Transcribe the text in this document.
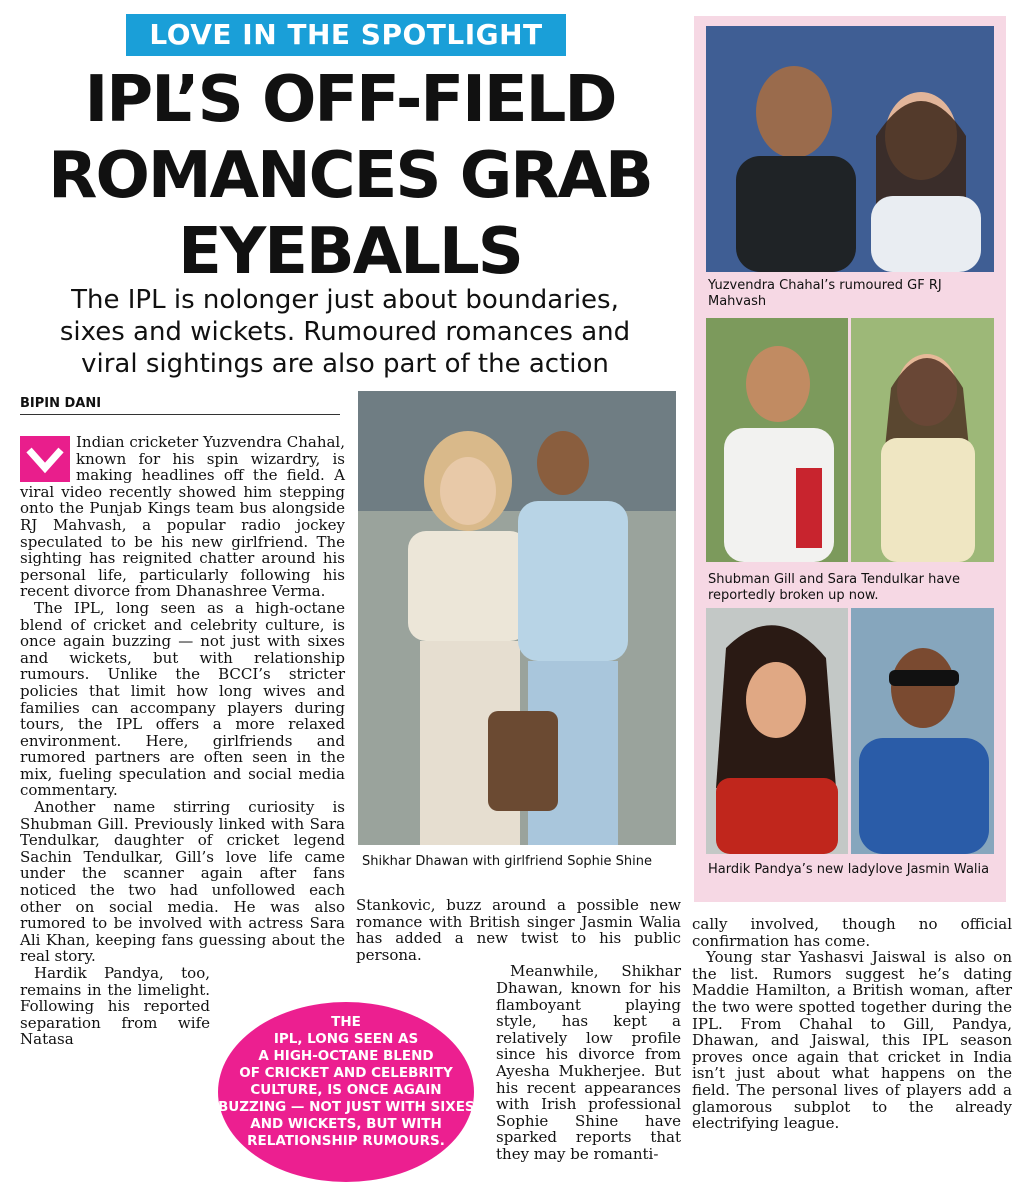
LOVE IN THE SPOTLIGHT
IPL’S OFF-FIELD
ROMANCES GRAB
EYEBALLS
The IPL is nolonger just about boundaries,
sixes and wickets. Rumoured romances and
viral sightings are also part of the action
BIPIN DANI

Indian cricketer Yuzvendra Chahal, known for his spin wizardry, is making headlines off the field. A viral video recently showed him stepping onto the Punjab Kings team bus alongside RJ Mahvash, a popular radio jockey speculated to be his new girlfriend. The sighting has reignited chatter around his personal life, particularly following his recent divorce from Dhanashree Verma.

The IPL, long seen as a high-octane blend of cricket and celebrity culture, is once again buzzing — not just with sixes and wickets, but with relationship rumours. Unlike the BCCI’s stricter policies that limit how long wives and families can accompany players during tours, the IPL offers a more relaxed environment. Here, girlfriends and rumored partners are often seen in the mix, fueling speculation and social media commentary.

Another name stirring curiosity is Shubman Gill. Previously linked with Sara Tendulkar, daughter of cricket legend Sachin Tendulkar, Gill’s love life came under the scanner again after fans noticed the two had unfollowed each other on social media. He was also rumored to be involved with actress Sara Ali Khan, keeping fans guessing about the real story.

Hardik Pandya, too, remains in the limelight. Following his reported separation from wife Natasa

Shikhar Dhawan with girlfriend Sophie Shine
Yuzvendra Chahal’s rumoured GF RJ Mahvash
Shubman Gill and Sara Tendulkar have reportedly broken up now.
Hardik Pandya’s new ladylove Jasmin Walia

Stankovic, buzz around a possible new romance with British singer Jasmin Walia has added a new twist to his public persona.

Meanwhile, Shikhar Dhawan, known for his flamboyant playing style, has kept a relatively low profile since his divorce from Ayesha Mukherjee. But his recent appearances with Irish professional Sophie Shine have sparked reports that they may be romanti-

cally involved, though no official confirmation has come.

Young star Yashasvi Jaiswal is also on the list. Rumors suggest he’s dating Maddie Hamilton, a British woman, after the two were spotted together during the IPL. From Chahal to Gill, Pandya, Dhawan, and Jaiswal, this IPL season proves once again that cricket in India isn’t just about what happens on the field. The personal lives of players add a glamorous subplot to the already electrifying league.

THE
IPL, LONG SEEN AS
A HIGH-OCTANE BLEND
OF CRICKET AND CELEBRITY
CULTURE, IS ONCE AGAIN
BUZZING — NOT JUST WITH SIXES
AND WICKETS, BUT WITH
RELATIONSHIP RUMOURS.
